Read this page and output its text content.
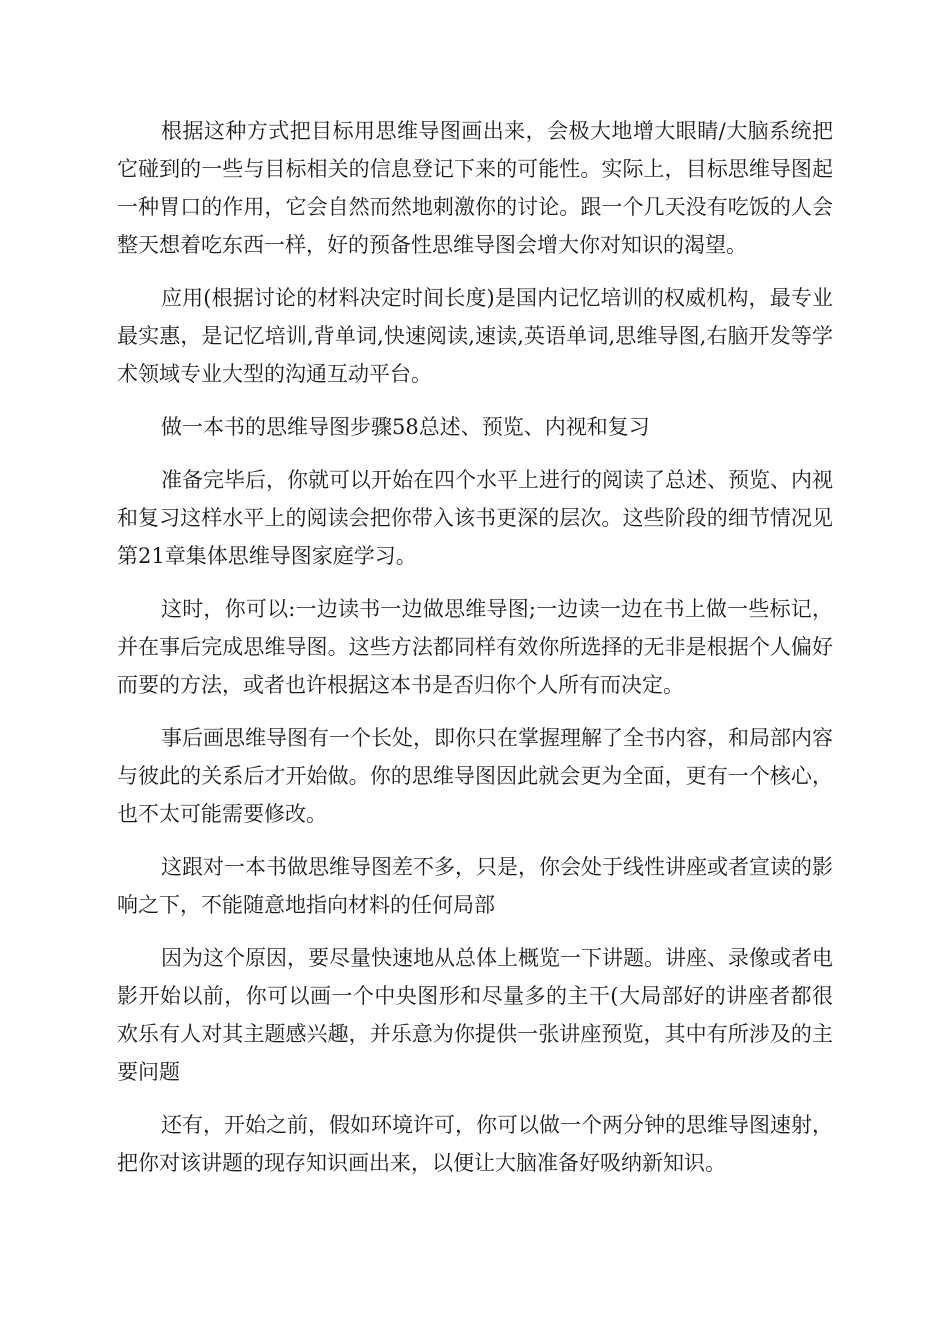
根据这种方式把目标用思维导图画出来，会极大地增大眼睛/大脑系统把它碰到的一些与目标相关的信息登记下来的可能性。实际上，目标思维导图起一种胃口的作用，它会自然而然地刺激你的讨论。跟一个几天没有吃饭的人会整天想着吃东西一样，好的预备性思维导图会增大你对知识的渴望。

应用(根据讨论的材料决定时间长度)是国内记忆培训的权威机构，最专业最实惠，是记忆培训,背单词,快速阅读,速读,英语单词,思维导图,右脑开发等学术领域专业大型的沟通互动平台。

做一本书的思维导图步骤58总述、预览、内视和复习

准备完毕后，你就可以开始在四个水平上进行的阅读了总述、预览、内视和复习这样水平上的阅读会把你带入该书更深的层次。这些阶段的细节情况见第21章集体思维导图家庭学习。

这时，你可以:一边读书一边做思维导图;一边读一边在书上做一些标记，并在事后完成思维导图。这些方法都同样有效你所选择的无非是根据个人偏好而要的方法，或者也许根据这本书是否归你个人所有而决定。

事后画思维导图有一个长处，即你只在掌握理解了全书内容，和局部内容与彼此的关系后才开始做。你的思维导图因此就会更为全面，更有一个核心，也不太可能需要修改。

这跟对一本书做思维导图差不多，只是，你会处于线性讲座或者宣读的影响之下，不能随意地指向材料的任何局部

因为这个原因，要尽量快速地从总体上概览一下讲题。讲座、录像或者电影开始以前，你可以画一个中央图形和尽量多的主干(大局部好的讲座者都很欢乐有人对其主题感兴趣，并乐意为你提供一张讲座预览，其中有所涉及的主要问题

还有，开始之前，假如环境许可，你可以做一个两分钟的思维导图速射，把你对该讲题的现存知识画出来，以便让大脑准备好吸纳新知识。
